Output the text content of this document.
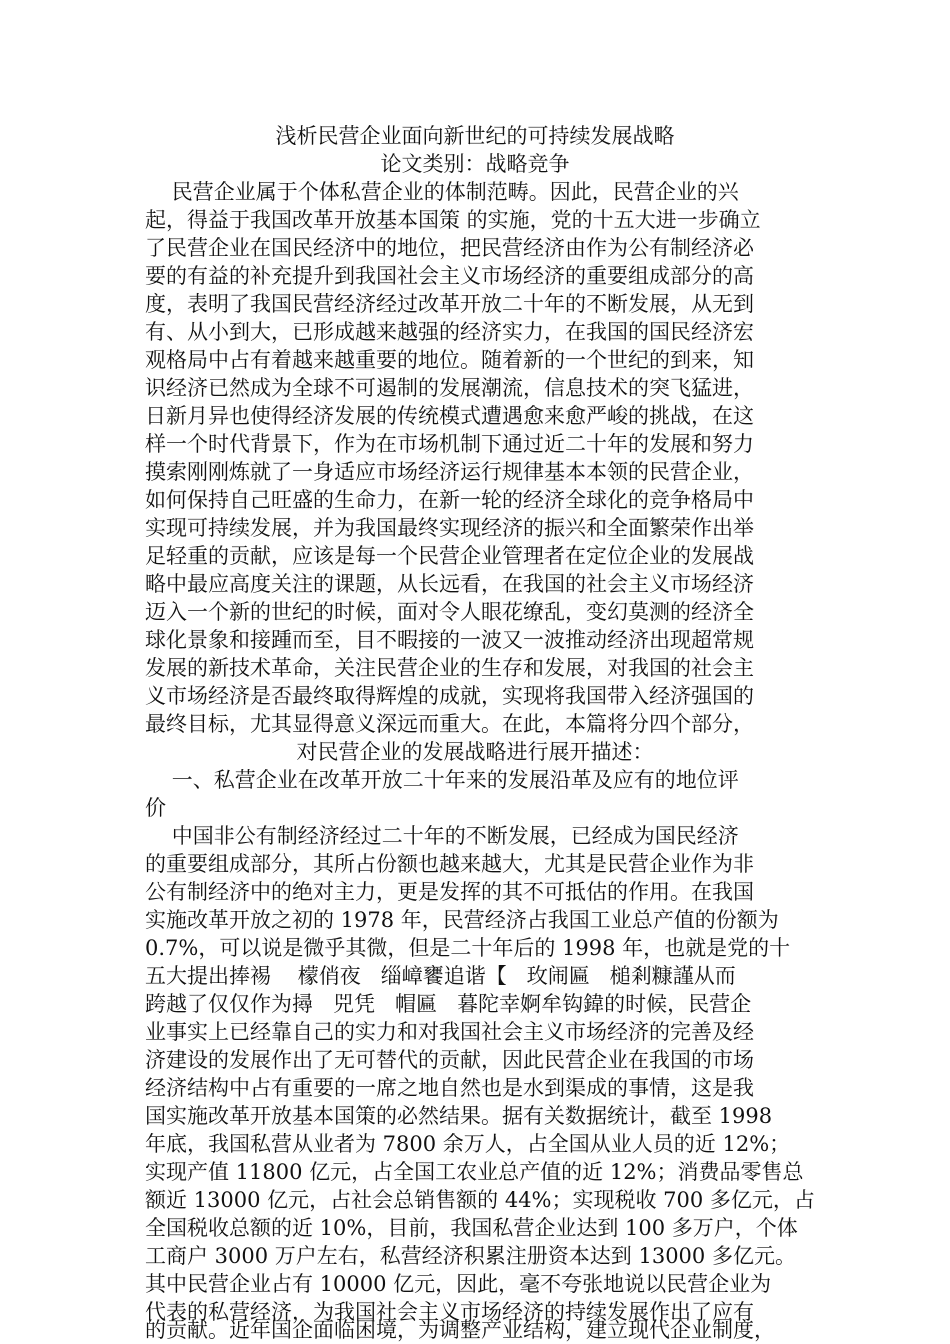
浅析民营企业面向新世纪的可持续发展战略

论文类别：战略竞争

民营企业属于个体私营企业的体制范畴。因此，民营企业的兴

起，得益于我国改革开放基本国策 的实施，党的十五大进一步确立

了民营企业在国民经济中的地位，把民营经济由作为公有制经济必

要的有益的补充提升到我国社会主义市场经济的重要组成部分的高

度，表明了我国民营经济经过改革开放二十年的不断发展，从无到

有、从小到大，已形成越来越强的经济实力，在我国的国民经济宏

观格局中占有着越来越重要的地位。随着新的一个世纪的到来，知

识经济已然成为全球不可遏制的发展潮流，信息技术的突飞猛进，

日新月异也使得经济发展的传统模式遭遇愈来愈严峻的挑战，在这

样一个时代背景下，作为在市场机制下通过近二十年的发展和努力

摸索刚刚炼就了一身适应市场经济运行规律基本本领的民营企业，

如何保持自己旺盛的生命力，在新一轮的经济全球化的竞争格局中

实现可持续发展，并为我国最终实现经济的振兴和全面繁荣作出举

足轻重的贡献，应该是每一个民营企业管理者在定位企业的发展战

略中最应高度关注的课题，从长远看，在我国的社会主义市场经济

迈入一个新的世纪的时候，面对令人眼花缭乱，变幻莫测的经济全

球化景象和接踵而至，目不暇接的一波又一波推动经济出现超常规

发展的新技术革命，关注民营企业的生存和发展，对我国的社会主

义市场经济是否最终取得辉煌的成就，实现将我国带入经济强国的

最终目标，尤其显得意义深远而重大。在此，本篇将分四个部分，

对民营企业的发展战略进行展开描述：

一、私营企业在改革开放二十年来的发展沿革及应有的地位评

价

中国非公有制经济经过二十年的不断发展，已经成为国民经济

的重要组成部分，其所占份额也越来越大，尤其是民营企业作为非

公有制经济中的绝对主力，更是发挥的其不可抵估的作用。在我国

实施改革开放之初的 1978 年，民营经济占我国工业总产值的份额为

0.7%，可以说是微乎其微，但是二十年后的 1998 年，也就是党的十

五大提出捧裼    檬俏夜   缁嶂饔追谐【   玫闹匾   槌剎糠謹从而

跨越了仅仅作为撏   兕凭   帽匾   暮陀幸婀牟钩鍏的时候，民营企

业事实上已经靠自己的实力和对我国社会主义市场经济的完善及经

济建设的发展作出了无可替代的贡献，因此民营企业在我国的市场

经济结构中占有重要的一席之地自然也是水到渠成的事情，这是我

国实施改革开放基本国策的必然结果。据有关数据统计，截至 1998

年底，我国私营从业者为 7800 余万人，占全国从业人员的近 12%；

实现产值 11800 亿元，占全国工农业总产值的近 12%；消费品零售总

额近 13000 亿元，占社会总销售额的 44%；实现税收 700 多亿元，占

全国税收总额的近 10%，目前，我国私营企业达到 100 多万户，个体

工商户 3000 万户左右，私营经济积累注册资本达到 13000 多亿元。

其中民营企业占有 10000 亿元，因此，毫不夸张地说以民营企业为

代表的私营经济，为我国社会主义市场经济的持续发展作出了应有

的贡献。近年国企面临困境，为调整产业结构，建立现代企业制度，
